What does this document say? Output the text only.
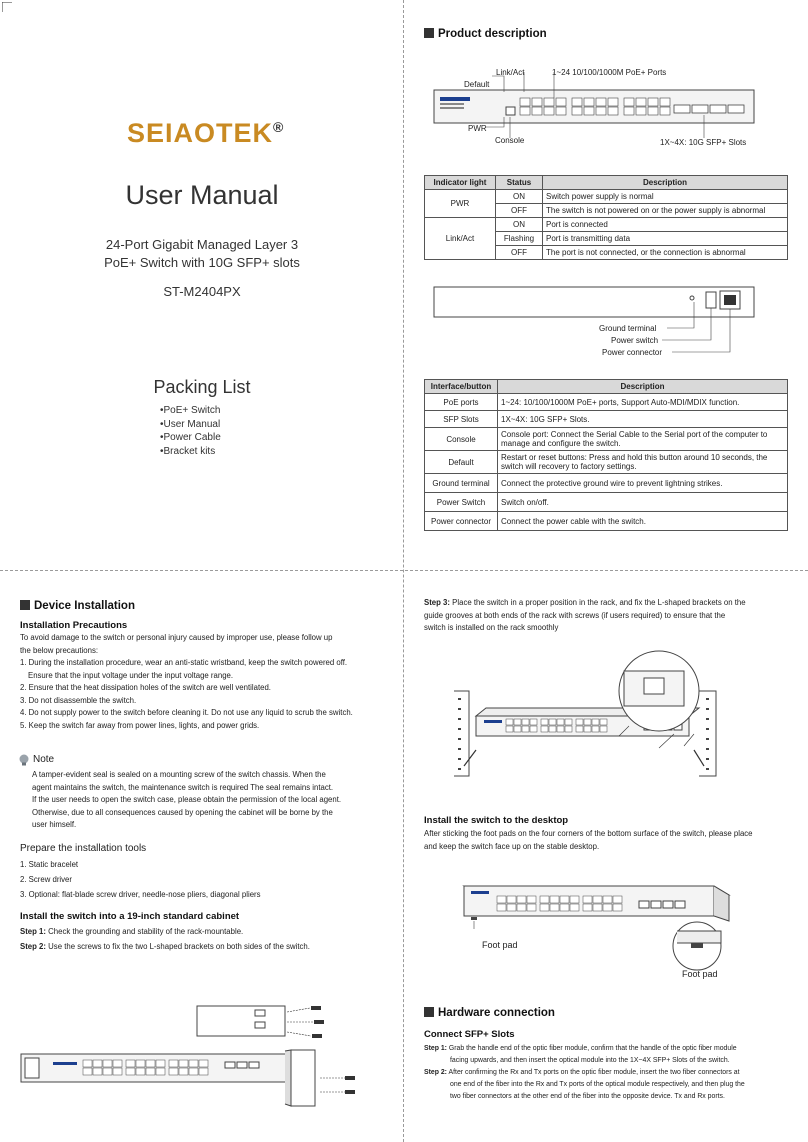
SEIAOTEK®
User Manual
24-Port Gigabit Managed Layer 3
PoE+ Switch with 10G SFP+ slots
ST-M2404PX
Packing List
• PoE+ Switch
• User Manual
• Power Cable
• Bracket kits
Product description
Link/Act	1~24 10/100/1000M PoE+ Ports
Default
PWR
Console	1X~4X: 10G SFP+ Slots
Indicator light	Status	Description
PWR	ON	Switch power supply is normal
	OFF	The switch is not powered on or the power supply is abnormal
Link/Act	ON	Port is connected
	Flashing	Port is transmitting data
	OFF	The port is not connected, or the connection is abnormal
Ground terminal
Power switch
Power connector
Interface/button	Description
PoE ports	1~24: 10/100/1000M PoE+ ports, Support Auto-MDI/MDIX function.
SFP Slots	1X~4X: 10G SFP+ Slots.
Console	Console port: Connect the Serial Cable to the Serial port of the computer to manage and configure the switch.
Default	Restart or reset buttons: Press and hold this button around 10 seconds, the switch will recovery to factory settings.
Ground terminal	Connect the protective ground wire to prevent lightning strikes.
Power Switch	Switch on/off.
Power connector	Connect the power cable with the switch.
Device Installation
Installation Precautions

To avoid damage to the switch or personal injury caused by improper use, please follow up

the below precautions:

1. During the installation procedure, wear an anti-static wristband, keep the switch powered off.

Ensure that the input voltage under the input voltage range.

2. Ensure that the heat dissipation holes of the switch are well ventilated.

3. Do not disassemble the switch.

4. Do not supply power to the switch before cleaning it. Do not use any liquid to scrub the switch.

5. Keep the switch far away from power lines, lights, and power grids.

Note

A tamper-evident seal is sealed on a mounting screw of the switch chassis. When the

agent maintains the switch, the maintenance switch is required The seal remains intact.

If the user needs to open the switch case, please obtain the permission of the local agent.

Otherwise, due to all consequences caused by opening the cabinet will be borne by the

user himself.

Prepare the installation tools

1. Static bracelet

2. Screw driver

3. Optional: flat-blade screw driver, needle-nose pliers, diagonal pliers

Install the switch into a 19-inch standard cabinet

Step 1: Check the grounding and stability of the rack-mountable.

Step 2: Use the screws to fix the two L-shaped brackets on both sides of the switch.

Step 3: Place the switch in a proper position in the rack, and fix the L-shaped brackets on the

guide grooves at both ends of the rack with screws (if users required) to ensure that the

switch is installed on the rack smoothly

Install the switch to the desktop

After sticking the foot pads on the four corners of the bottom surface of the switch, please place

and keep the switch face up on the stable desktop.

Foot pad
Foot pad
Hardware connection
Connect SFP+ Slots

Step 1: Grab the handle end of the optic fiber module, confirm that the handle of the optic fiber module

facing upwards, and then insert the optical module into the 1X~4X SFP+ Slots of the switch.

Step 2: After confirming the Rx and Tx ports on the optic fiber module, insert the two fiber connectors at

one end of the fiber into the Rx and Tx ports of the optical module respectively, and then plug the

two fiber connectors at the other end of the fiber into the opposite device. Tx and Rx ports.
